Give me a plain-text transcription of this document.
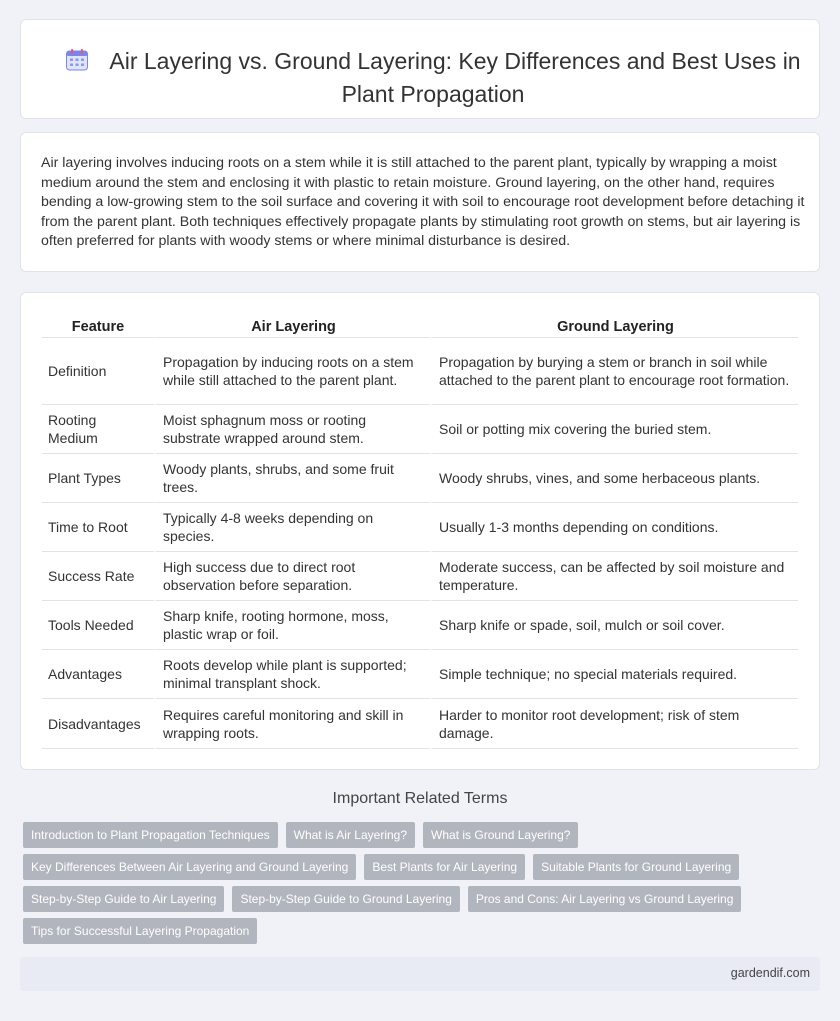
Air Layering vs. Ground Layering: Key Differences and Best Uses in Plant Propagation

Air layering involves inducing roots on a stem while it is still attached to the parent plant, typically by wrapping a moist medium around the stem and enclosing it with plastic to retain moisture. Ground layering, on the other hand, requires bending a low-growing stem to the soil surface and covering it with soil to encourage root development before detaching it from the parent plant. Both techniques effectively propagate plants by stimulating root growth on stems, but air layering is often preferred for plants with woody stems or where minimal disturbance is desired.

Feature	Air Layering	Ground Layering
Definition	Propagation by inducing roots on a stem while still attached to the parent plant.	Propagation by burying a stem or branch in soil while attached to the parent plant to encourage root formation.
Rooting Medium	Moist sphagnum moss or rooting substrate wrapped around stem.	Soil or potting mix covering the buried stem.
Plant Types	Woody plants, shrubs, and some fruit trees.	Woody shrubs, vines, and some herbaceous plants.
Time to Root	Typically 4-8 weeks depending on species.	Usually 1-3 months depending on conditions.
Success Rate	High success due to direct root observation before separation.	Moderate success, can be affected by soil moisture and temperature.
Tools Needed	Sharp knife, rooting hormone, moss, plastic wrap or foil.	Sharp knife or spade, soil, mulch or soil cover.
Advantages	Roots develop while plant is supported; minimal transplant shock.	Simple technique; no special materials required.
Disadvantages	Requires careful monitoring and skill in wrapping roots.	Harder to monitor root development; risk of stem damage.
Important Related Terms
Introduction to Plant Propagation Techniques	What is Air Layering?	What is Ground Layering?
Key Differences Between Air Layering and Ground Layering	Best Plants for Air Layering	Suitable Plants for Ground Layering
Step-by-Step Guide to Air Layering	Step-by-Step Guide to Ground Layering	Pros and Cons: Air Layering vs Ground Layering
Tips for Successful Layering Propagation
gardendif.com
